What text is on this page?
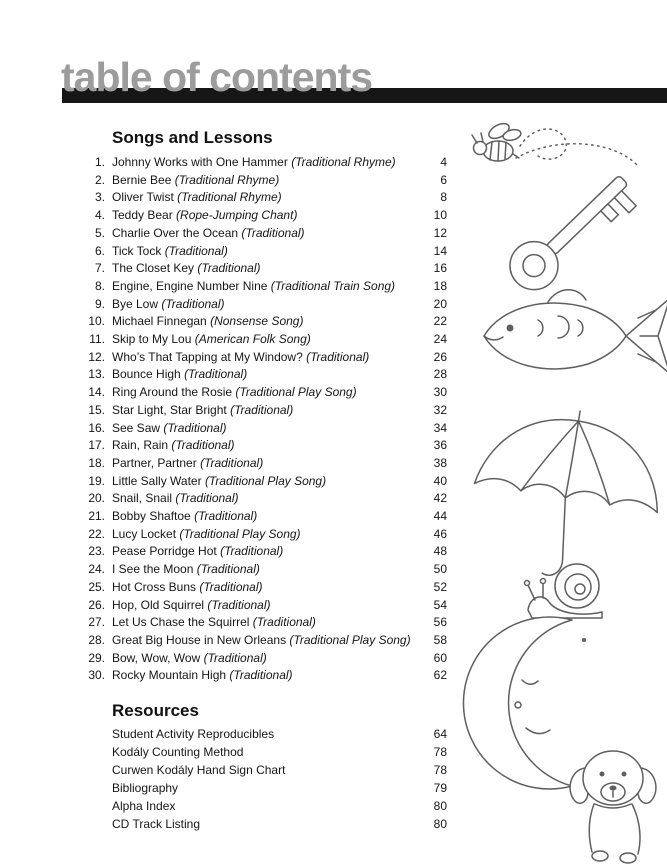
table of contents
Songs and Lessons
1. Johnny Works with One Hammer (Traditional Rhyme)	4
2. Bernie Bee (Traditional Rhyme)	6
3. Oliver Twist (Traditional Rhyme)	8
4. Teddy Bear (Rope-Jumping Chant)	10
5. Charlie Over the Ocean (Traditional)	12
6. Tick Tock (Traditional)	14
7. The Closet Key (Traditional)	16
8. Engine, Engine Number Nine (Traditional Train Song)	18
9. Bye Low (Traditional)	20
10. Michael Finnegan (Nonsense Song)	22
11. Skip to My Lou (American Folk Song)	24
12. Who’s That Tapping at My Window? (Traditional)	26
13. Bounce High (Traditional)	28
14. Ring Around the Rosie (Traditional Play Song)	30
15. Star Light, Star Bright (Traditional)	32
16. See Saw (Traditional)	34
17. Rain, Rain (Traditional)	36
18. Partner, Partner (Traditional)	38
19. Little Sally Water (Traditional Play Song)	40
20. Snail, Snail (Traditional)	42
21. Bobby Shaftoe (Traditional)	44
22. Lucy Locket (Traditional Play Song)	46
23. Pease Porridge Hot (Traditional)	48
24. I See the Moon (Traditional)	50
25. Hot Cross Buns (Traditional)	52
26. Hop, Old Squirrel (Traditional)	54
27. Let Us Chase the Squirrel (Traditional)	56
28. Great Big House in New Orleans (Traditional Play Song)	58
29. Bow, Wow, Wow (Traditional)	60
30. Rocky Mountain High (Traditional)	62
Resources
Student Activity Reproducibles	64
Kodály Counting Method	78
Curwen Kodály Hand Sign Chart	78
Bibliography	79
Alpha Index	80
CD Track Listing	80
